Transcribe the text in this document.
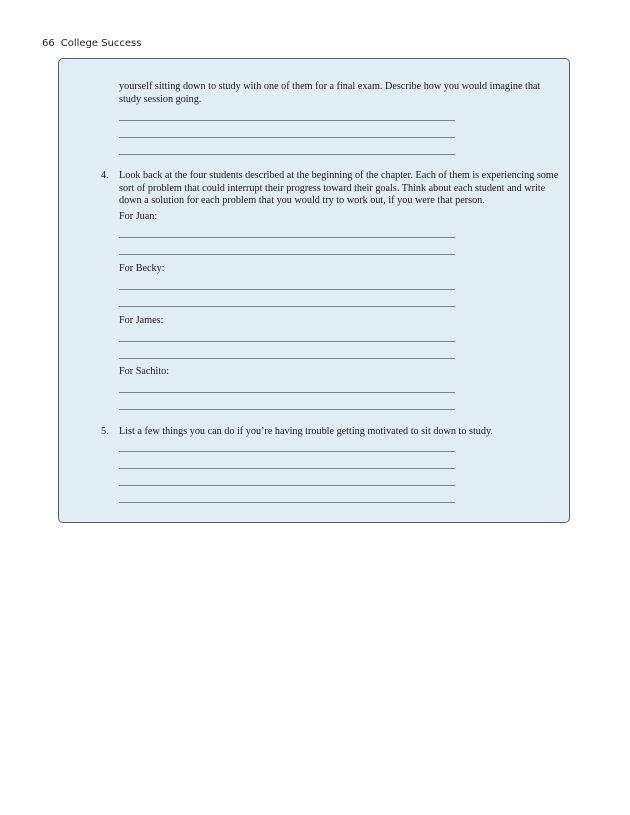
66 College Success
yourself sitting down to study with one of them for a final exam. Describe how you would imagine that
study session going.
4. Look back at the four students described at the beginning of the chapter. Each of them is experiencing some
sort of problem that could interrupt their progress toward their goals. Think about each student and write
down a solution for each problem that you would try to work out, if you were that person.
For Juan:
For Becky:
For James:
For Sachito:
5. List a few things you can do if you’re having trouble getting motivated to sit down to study.
